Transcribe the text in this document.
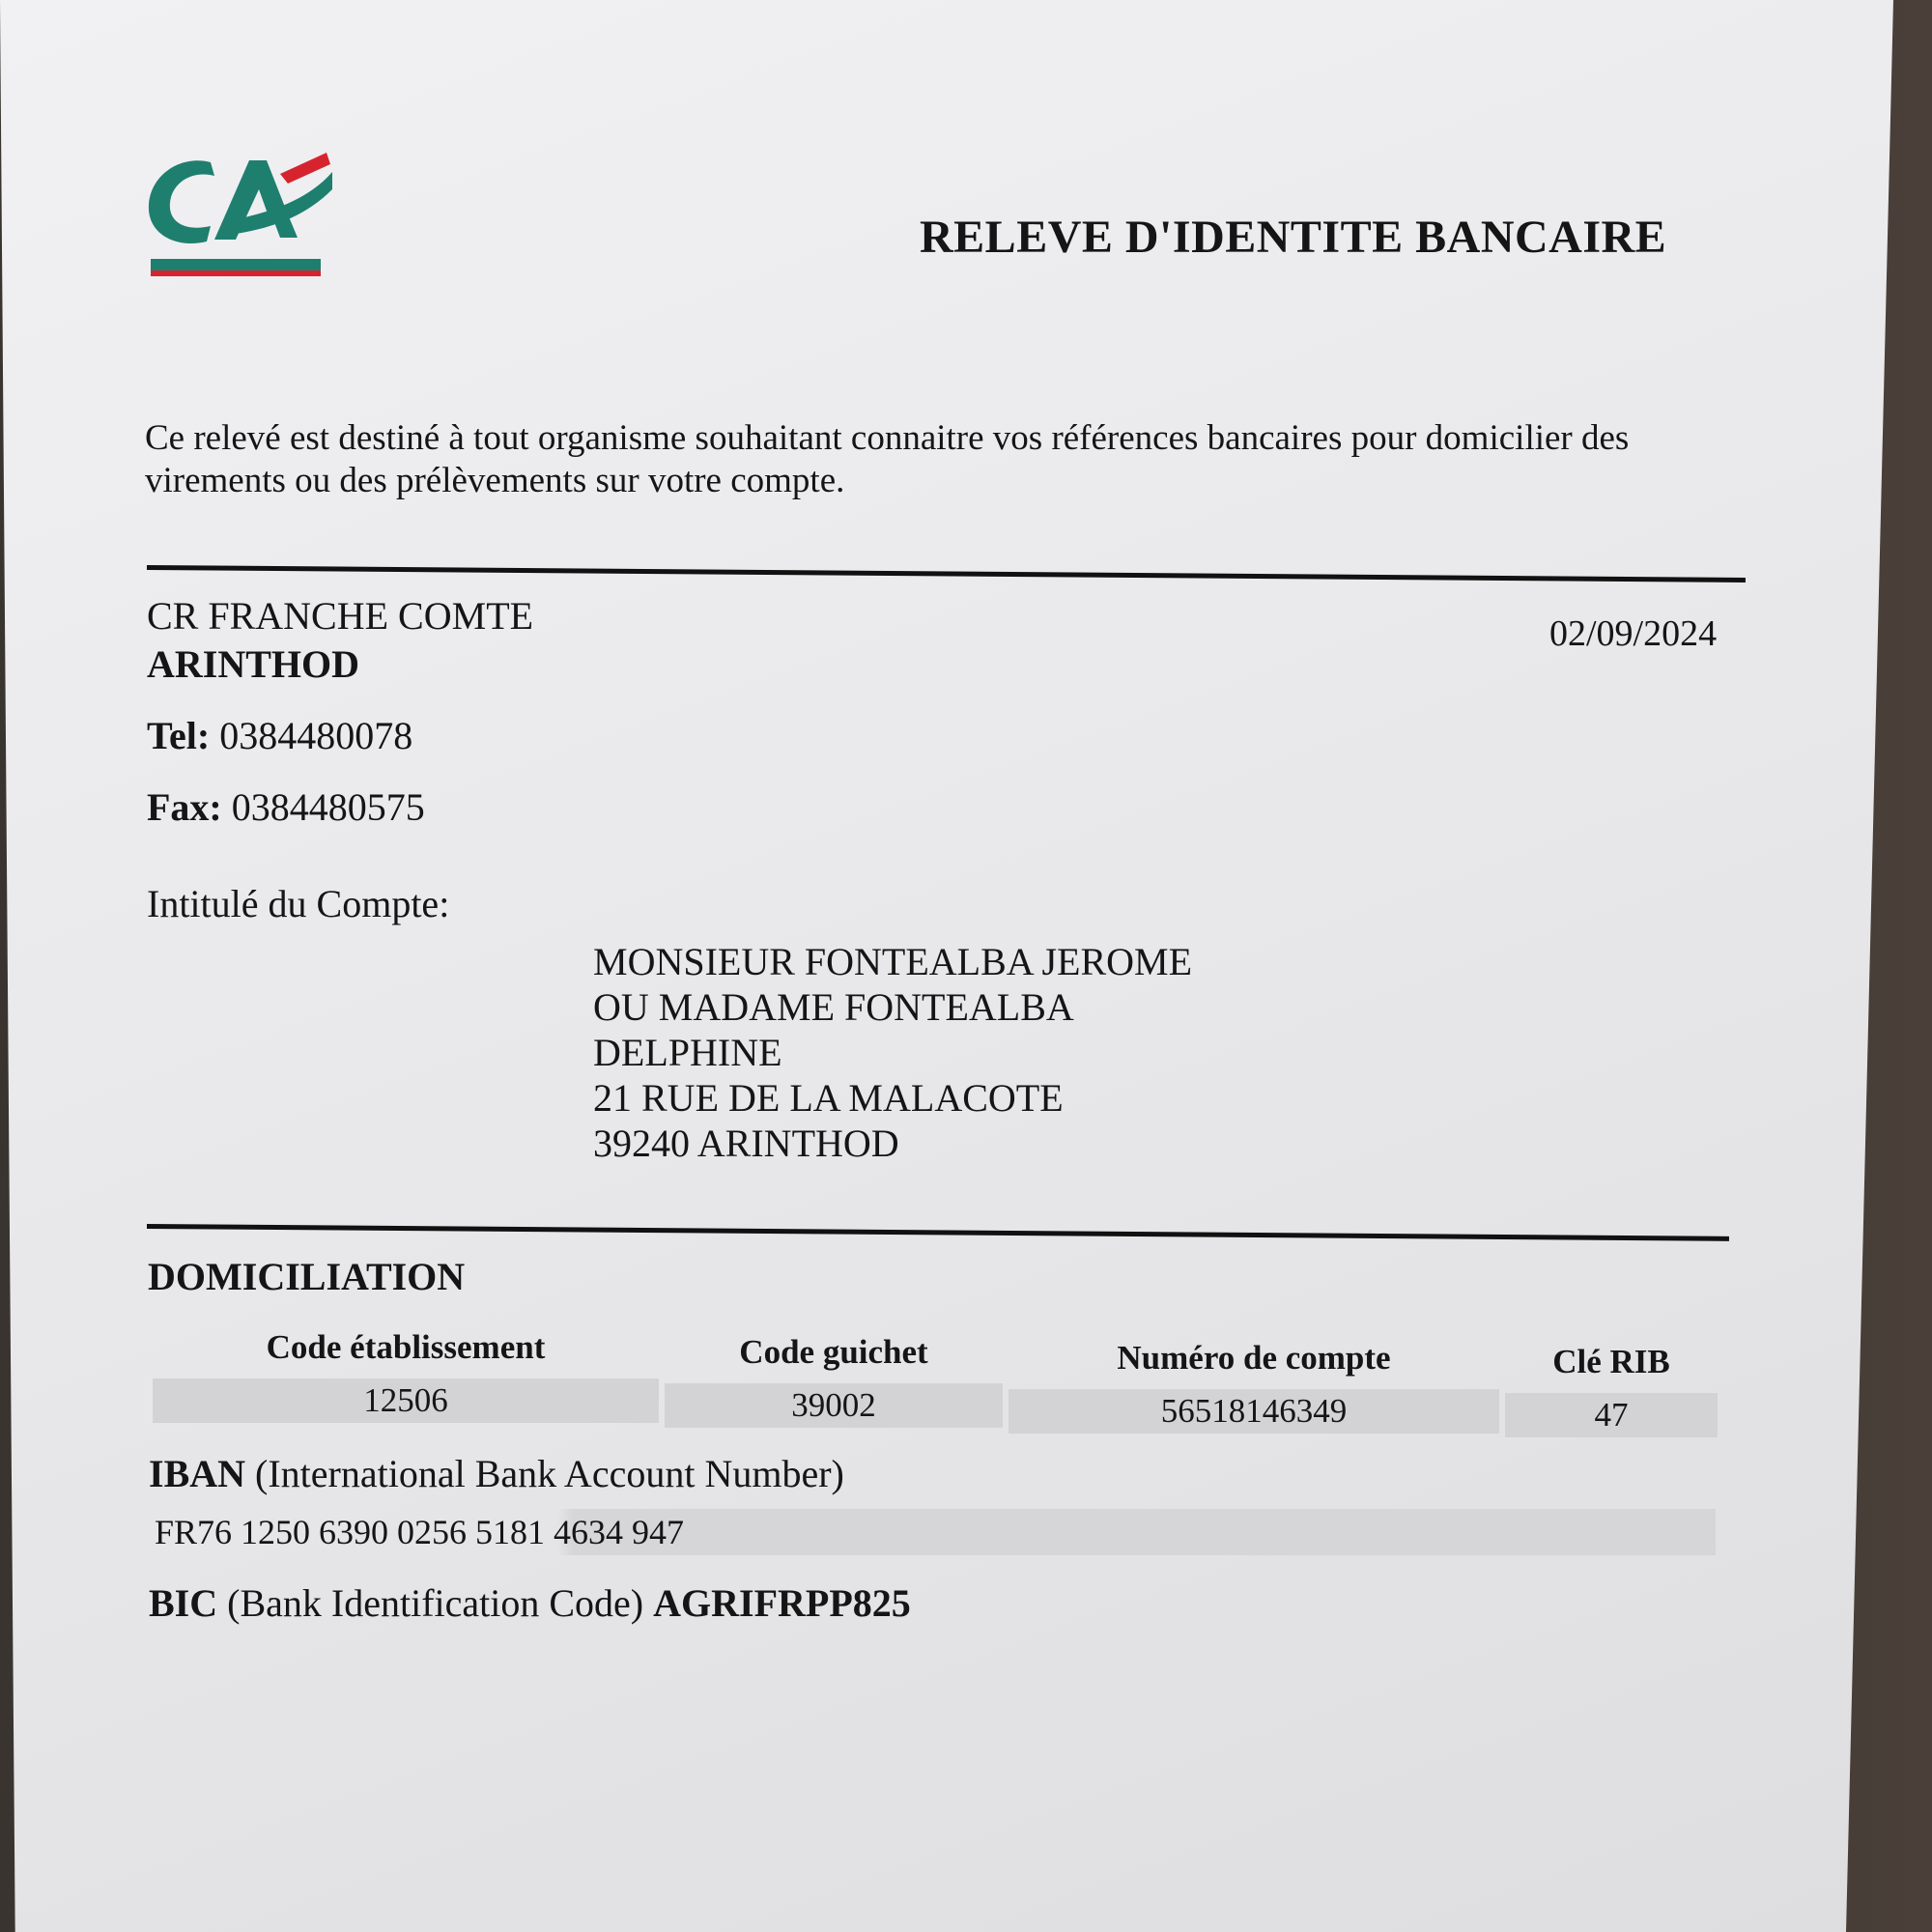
RELEVE D'IDENTITE BANCAIRE
Ce relevé est destiné à tout organisme souhaitant connaitre vos références bancaires pour domicilier des virements ou des prélèvements sur votre compte.
CR FRANCHE COMTE
ARINTHOD
02/09/2024
Tel: 0384480078
Fax: 0384480575
Intitulé du Compte:
MONSIEUR FONTEALBA JEROME
OU MADAME FONTEALBA
DELPHINE
21 RUE DE LA MALACOTE
39240 ARINTHOD
DOMICILIATION
Code établissement	Code guichet	Numéro de compte	Clé RIB
12506	39002	56518146349	47
IBAN (International Bank Account Number)
FR76 1250 6390 0256 5181 4634 947
BIC (Bank Identification Code) AGRIFRPP825
